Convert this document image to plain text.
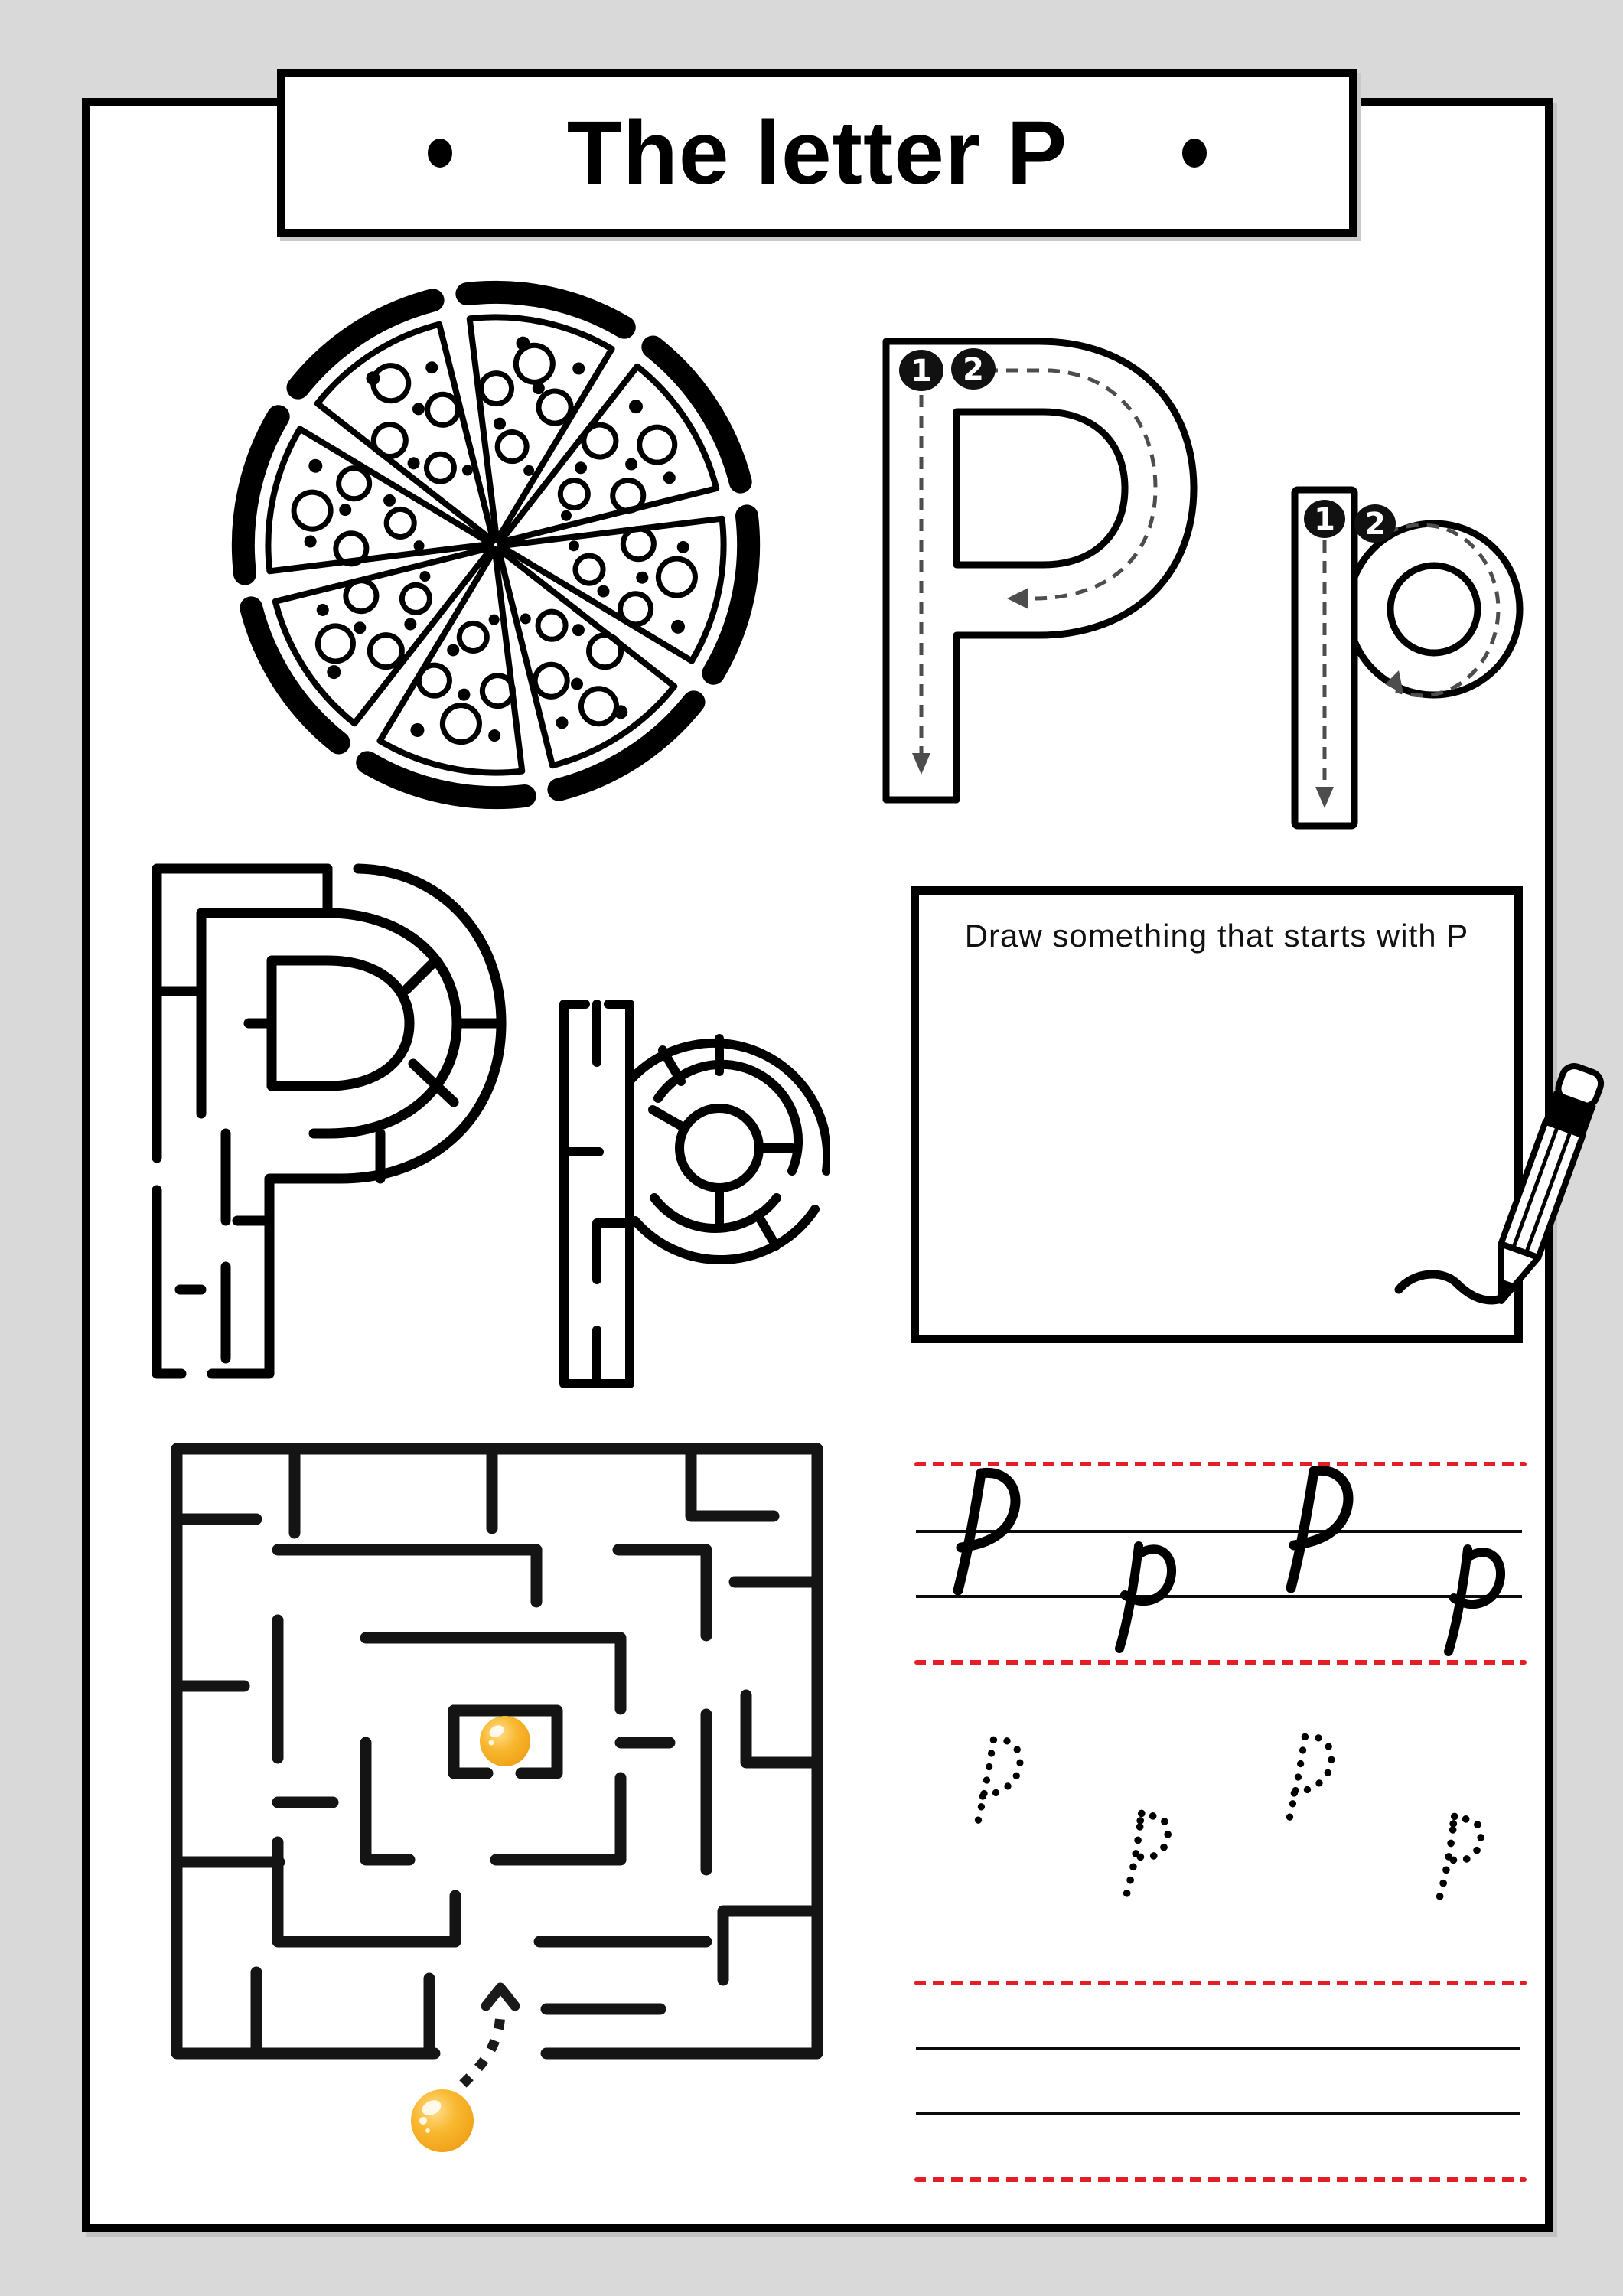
The letter P
1 2
1 2
Draw something that starts with P
